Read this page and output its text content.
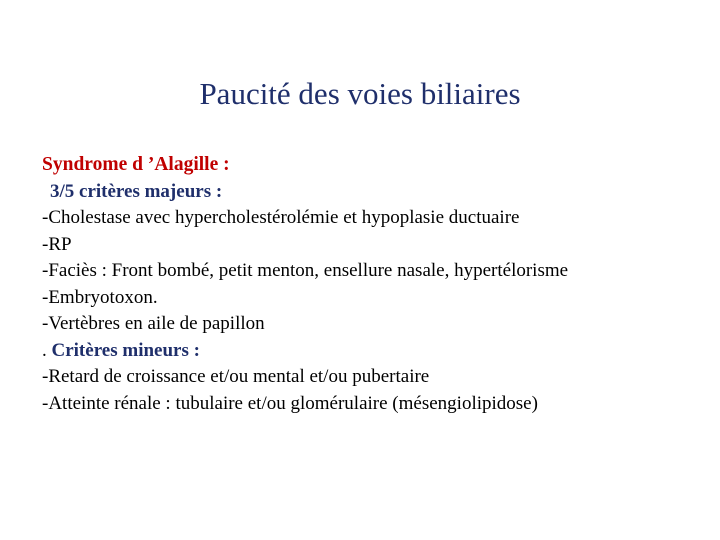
Paucité des voies biliaires
Syndrome d ’Alagille :
3/5 critères majeurs :
-Cholestase avec hypercholestérolémie et hypoplasie ductuaire
-RP
-Faciès : Front bombé, petit menton, ensellure nasale, hypertélorisme
-Embryotoxon.
-Vertèbres en aile de papillon
. Critères mineurs :
-Retard de croissance et/ou mental et/ou pubertaire
-Atteinte rénale : tubulaire et/ou glomérulaire (mésengiolipidose)
